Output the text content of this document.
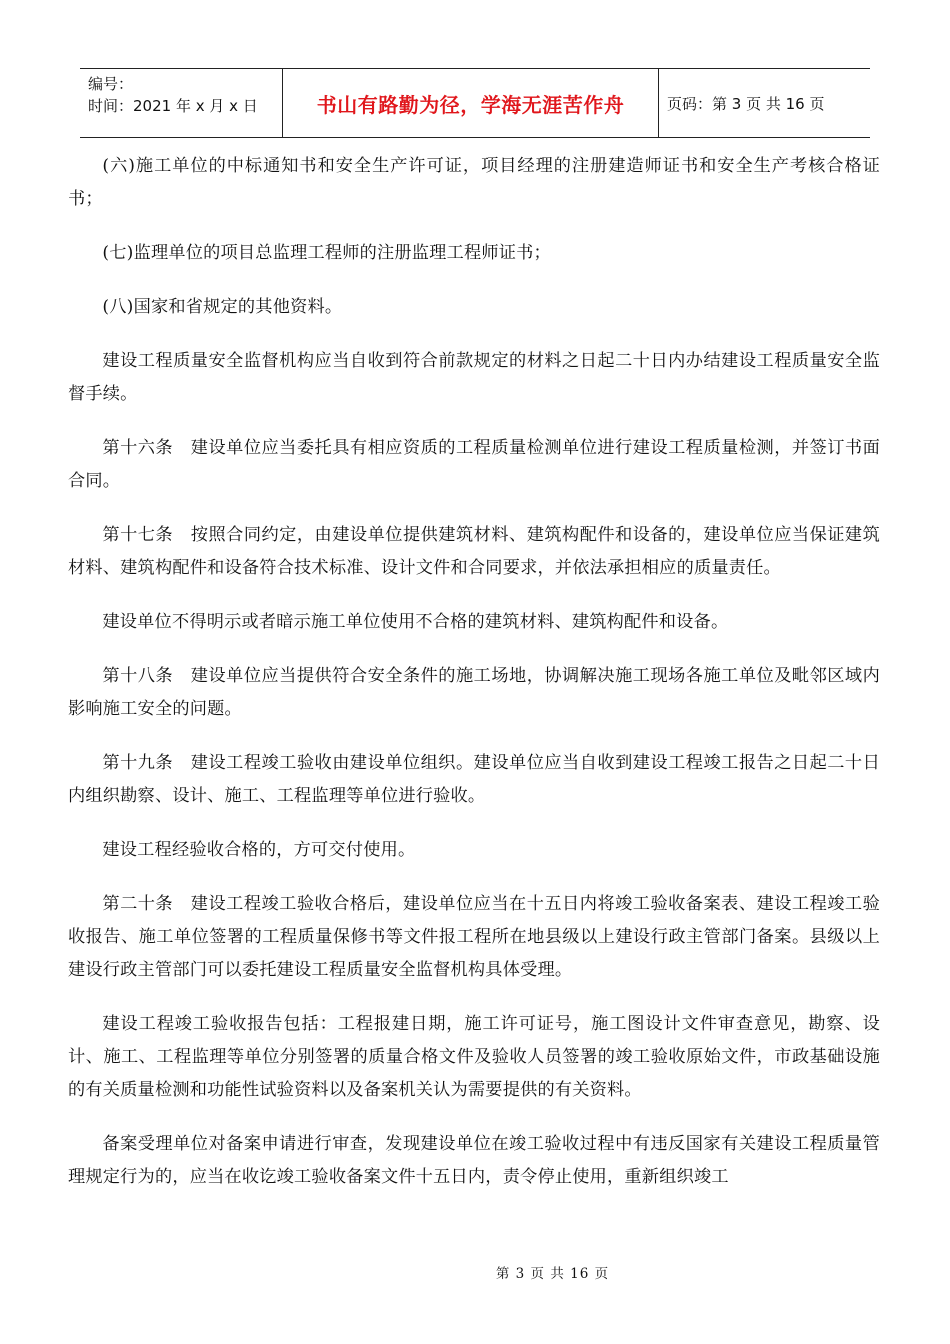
编号：
时间：2021 年 x 月 x 日	书山有路勤为径，学海无涯苦作舟	页码：第 3 页 共 16 页

(六)施工单位的中标通知书和安全生产许可证，项目经理的注册建造师证书和安全生产考核合格证书；

(七)监理单位的项目总监理工程师的注册监理工程师证书；

(八)国家和省规定的其他资料。

建设工程质量安全监督机构应当自收到符合前款规定的材料之日起二十日内办结建设工程质量安全监督手续。

第十六条　建设单位应当委托具有相应资质的工程质量检测单位进行建设工程质量检测，并签订书面合同。

第十七条　按照合同约定，由建设单位提供建筑材料、建筑构配件和设备的，建设单位应当保证建筑材料、建筑构配件和设备符合技术标准、设计文件和合同要求，并依法承担相应的质量责任。

建设单位不得明示或者暗示施工单位使用不合格的建筑材料、建筑构配件和设备。

第十八条　建设单位应当提供符合安全条件的施工场地，协调解决施工现场各施工单位及毗邻区域内影响施工安全的问题。

第十九条　建设工程竣工验收由建设单位组织。建设单位应当自收到建设工程竣工报告之日起二十日内组织勘察、设计、施工、工程监理等单位进行验收。

建设工程经验收合格的，方可交付使用。

第二十条　建设工程竣工验收合格后，建设单位应当在十五日内将竣工验收备案表、建设工程竣工验收报告、施工单位签署的工程质量保修书等文件报工程所在地县级以上建设行政主管部门备案。县级以上建设行政主管部门可以委托建设工程质量安全监督机构具体受理。

建设工程竣工验收报告包括：工程报建日期，施工许可证号，施工图设计文件审查意见，勘察、设计、施工、工程监理等单位分别签署的质量合格文件及验收人员签署的竣工验收原始文件，市政基础设施的有关质量检测和功能性试验资料以及备案机关认为需要提供的有关资料。

备案受理单位对备案申请进行审查，发现建设单位在竣工验收过程中有违反国家有关建设工程质量管理规定行为的，应当在收讫竣工验收备案文件十五日内，责令停止使用，重新组织竣工

第 3 页 共 16 页
